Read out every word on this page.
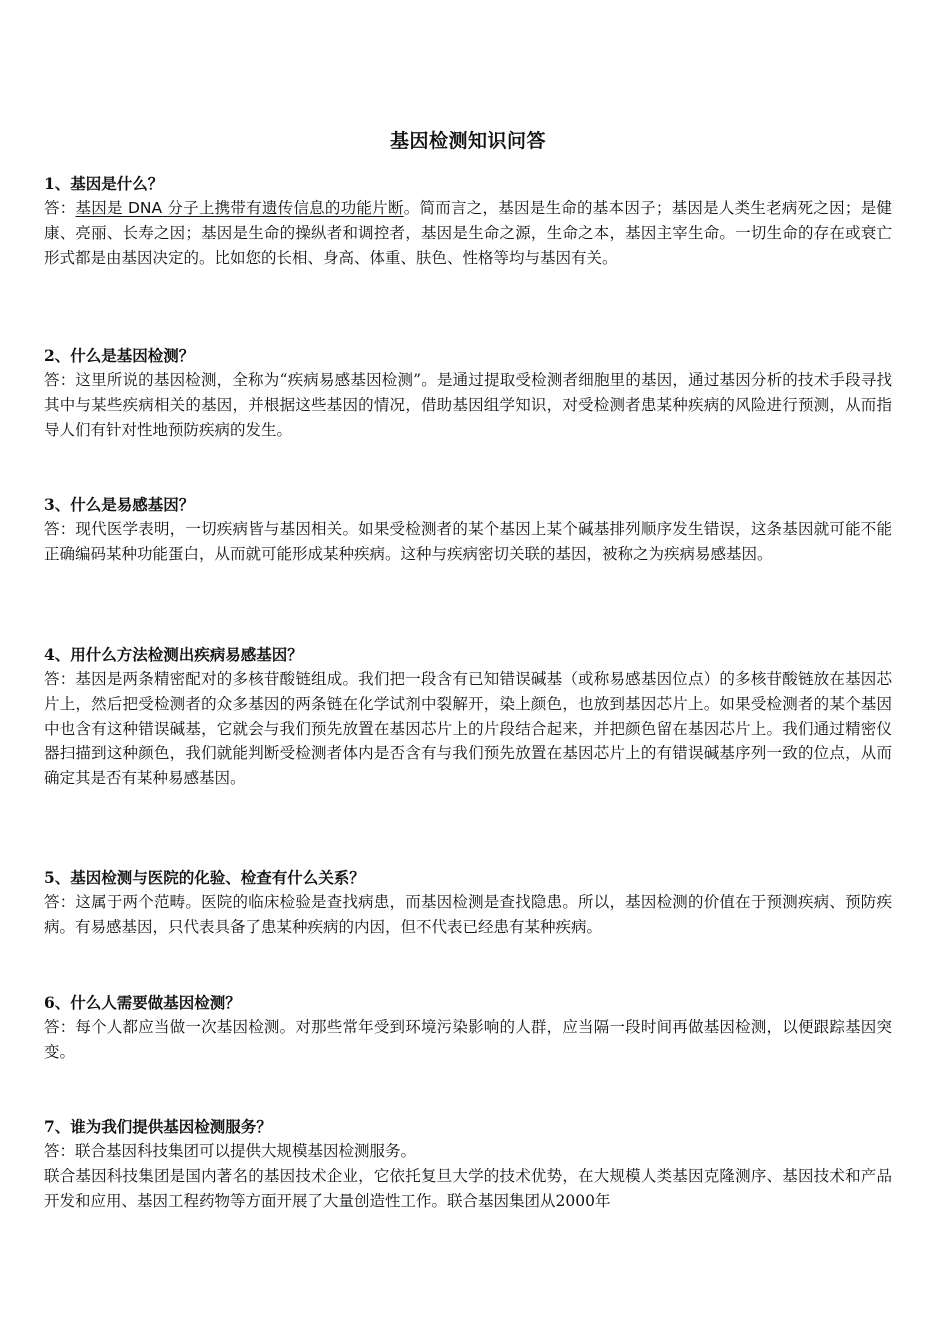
基因检测知识问答
1、基因是什么？

答：基因是 DNA 分子上携带有遗传信息的功能片断。简而言之，基因是生命的基本因子；基因是人类生老病死之因；是健康、亮丽、长寿之因；基因是生命的操纵者和调控者，基因是生命之源，生命之本，基因主宰生命。一切生命的存在或衰亡形式都是由基因决定的。比如您的长相、身高、体重、肤色、性格等均与基因有关。

2、什么是基因检测？

答：这里所说的基因检测，全称为“疾病易感基因检测”。是通过提取受检测者细胞里的基因，通过基因分析的技术手段寻找其中与某些疾病相关的基因，并根据这些基因的情况，借助基因组学知识，对受检测者患某种疾病的风险进行预测，从而指导人们有针对性地预防疾病的发生。

3、什么是易感基因？

答：现代医学表明，一切疾病皆与基因相关。如果受检测者的某个基因上某个碱基排列顺序发生错误，这条基因就可能不能正确编码某种功能蛋白，从而就可能形成某种疾病。这种与疾病密切关联的基因，被称之为疾病易感基因。

4、用什么方法检测出疾病易感基因？

答：基因是两条精密配对的多核苷酸链组成。我们把一段含有已知错误碱基（或称易感基因位点）的多核苷酸链放在基因芯片上，然后把受检测者的众多基因的两条链在化学试剂中裂解开，染上颜色，也放到基因芯片上。如果受检测者的某个基因中也含有这种错误碱基，它就会与我们预先放置在基因芯片上的片段结合起来，并把颜色留在基因芯片上。我们通过精密仪器扫描到这种颜色，我们就能判断受检测者体内是否含有与我们预先放置在基因芯片上的有错误碱基序列一致的位点，从而确定其是否有某种易感基因。

5、基因检测与医院的化验、检查有什么关系？

答：这属于两个范畴。医院的临床检验是查找病患，而基因检测是查找隐患。所以，基因检测的价值在于预测疾病、预防疾病。有易感基因，只代表具备了患某种疾病的内因，但不代表已经患有某种疾病。

6、什么人需要做基因检测？

答：每个人都应当做一次基因检测。对那些常年受到环境污染影响的人群，应当隔一段时间再做基因检测，以便跟踪基因突变。

7、谁为我们提供基因检测服务？

答：联合基因科技集团可以提供大规模基因检测服务。

联合基因科技集团是国内著名的基因技术企业，它依托复旦大学的技术优势，在大规模人类基因克隆测序、基因技术和产品开发和应用、基因工程药物等方面开展了大量创造性工作。联合基因集团从2000年
